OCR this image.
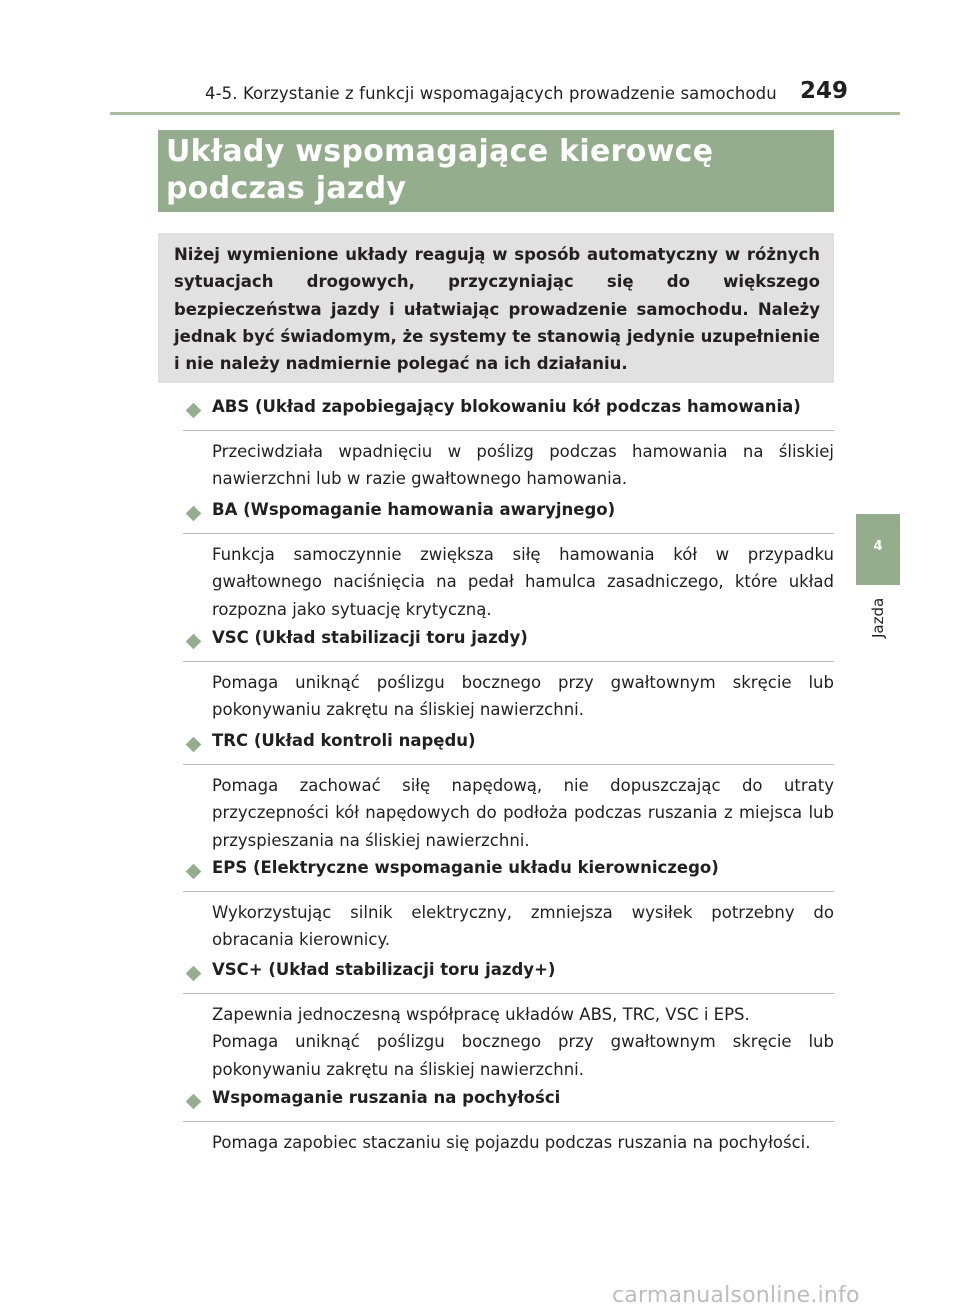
4-5. Korzystanie z funkcji wspomagających prowadzenie samochodu 249
Układy wspomagające kierowcę
podczas jazdy

Niżej wymienione układy reagują w sposób automatyczny w różnych sytuacjach drogowych, przyczyniając się do większego bezpieczeństwa jazdy i ułatwiając prowadzenie samochodu. Należy jednak być świadomym, że systemy te stanowią jedynie uzupełnienie i nie należy nadmiernie polegać na ich działaniu.

4
Jazda
ABS (Układ zapobiegający blokowaniu kół podczas hamowania)

Przeciwdziała wpadnięciu w poślizg podczas hamowania na śliskiej nawierzchni lub w razie gwałtownego hamowania.

BA (Wspomaganie hamowania awaryjnego)

Funkcja samoczynnie zwiększa siłę hamowania kół w przypadku gwałtownego naciśnięcia na pedał hamulca zasadniczego, które układ rozpozna jako sytuację krytyczną.

VSC (Układ stabilizacji toru jazdy)

Pomaga uniknąć poślizgu bocznego przy gwałtownym skręcie lub pokonywaniu zakrętu na śliskiej nawierzchni.

TRC (Układ kontroli napędu)

Pomaga zachować siłę napędową, nie dopuszczając do utraty przyczepności kół napędowych do podłoża podczas ruszania z miejsca lub przyspieszania na śliskiej nawierzchni.

EPS (Elektryczne wspomaganie układu kierowniczego)

Wykorzystując silnik elektryczny, zmniejsza wysiłek potrzebny do obracania kierownicy.

VSC+ (Układ stabilizacji toru jazdy+)

Zapewnia jednoczesną współpracę układów ABS, TRC, VSC i EPS.
Pomaga uniknąć poślizgu bocznego przy gwałtownym skręcie lub pokonywaniu zakrętu na śliskiej nawierzchni.

Wspomaganie ruszania na pochyłości

Pomaga zapobiec staczaniu się pojazdu podczas ruszania na pochyłości.

carmanualsonline.info
